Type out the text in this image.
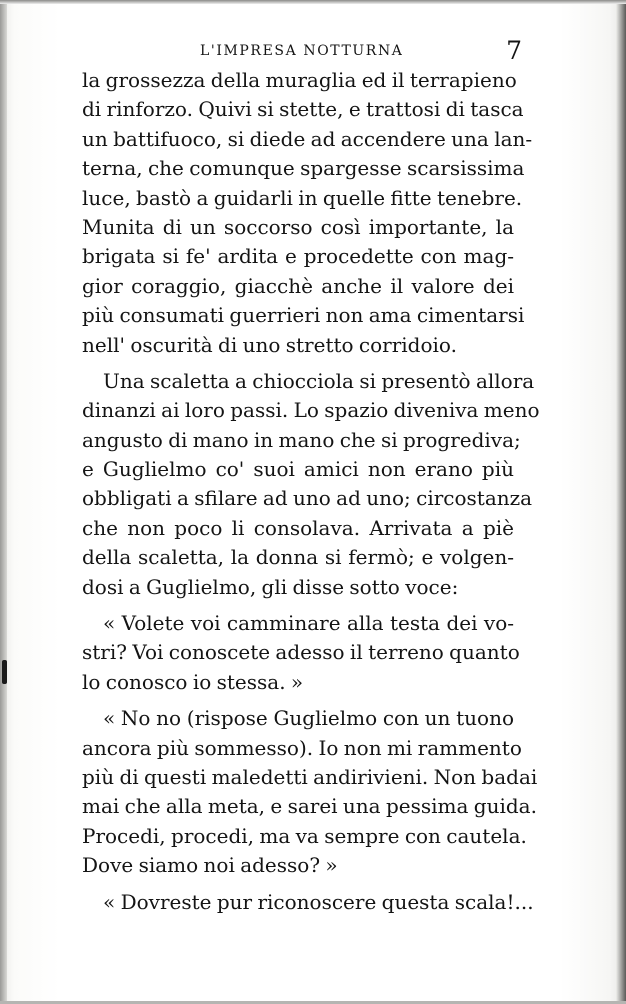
L'IMPRESA NOTTURNA	7
la grossezza della muraglia ed il terrapieno
di rinforzo. Quivi si stette, e trattosi di tasca
un battifuoco, si diede ad accendere una lan-
terna, che comunque spargesse scarsissima
luce, bastò a guidarli in quelle fitte tenebre.
Munita di un soccorso così importante, la
brigata si fe' ardita e procedette con mag-
gior coraggio, giacchè anche il valore dei
più consumati guerrieri non ama cimentarsi
nell' oscurità di uno stretto corridoio.
Una scaletta a chiocciola si presentò allora
dinanzi ai loro passi. Lo spazio diveniva meno
angusto di mano in mano che si progrediva;
e Guglielmo co' suoi amici non erano più
obbligati a sfilare ad uno ad uno; circostanza
che non poco li consolava. Arrivata a piè
della scaletta, la donna si fermò; e volgen-
dosi a Guglielmo, gli disse sotto voce:
« Volete voi camminare alla testa dei vo-
stri? Voi conoscete adesso il terreno quanto
lo conosco io stessa. »
« No no (rispose Guglielmo con un tuono
ancora più sommesso). Io non mi rammento
più di questi maledetti andirivieni. Non badai
mai che alla meta, e sarei una pessima guida.
Procedi, procedi, ma va sempre con cautela.
Dove siamo noi adesso? »
« Dovreste pur riconoscere questa scala!...
